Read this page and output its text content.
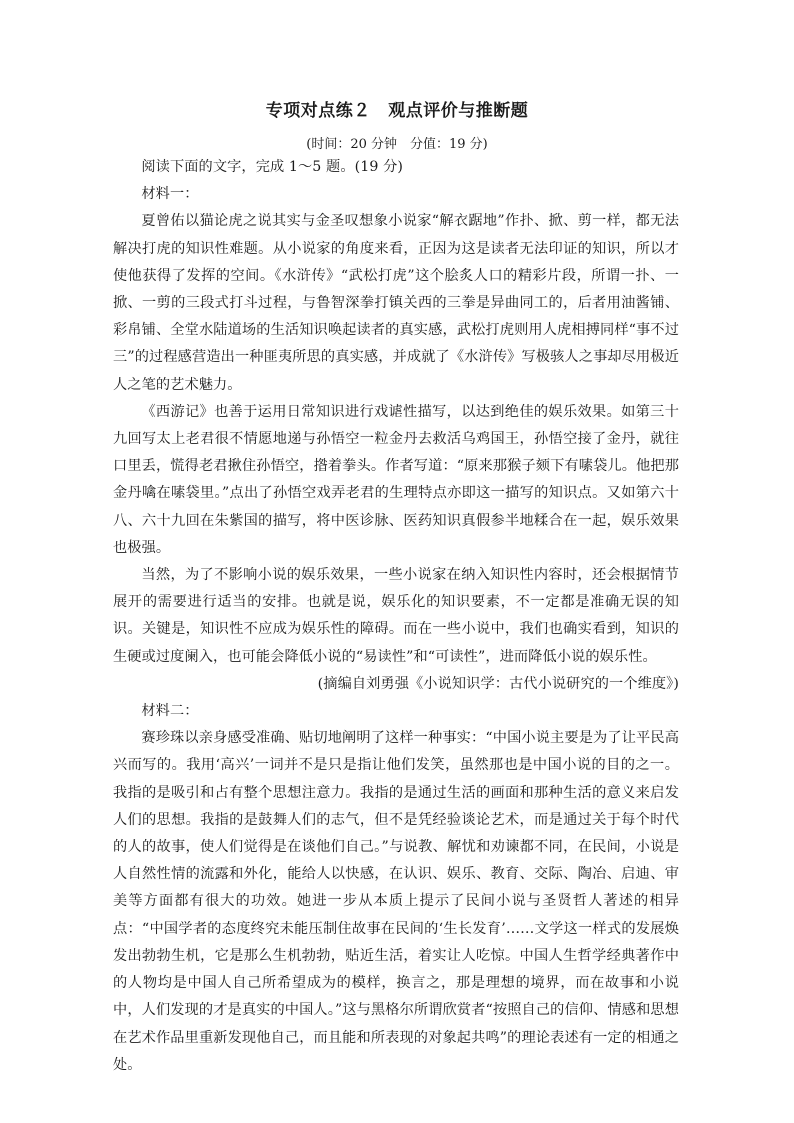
专项对点练２　观点评价与推断题
(时间：20 分钟　分值：19 分)

阅读下面的文字，完成 1～5 题。(19 分)

材料一：

夏曾佑以猫论虎之说其实与金圣叹想象小说家“解衣踞地”作扑、掀、剪一样，都无法解决打虎的知识性难题。从小说家的角度来看，正因为这是读者无法印证的知识，所以才使他获得了发挥的空间。《水浒传》“武松打虎”这个脍炙人口的精彩片段，所谓一扑、一掀、一剪的三段式打斗过程，与鲁智深拳打镇关西的三拳是异曲同工的，后者用油酱铺、彩帛铺、全堂水陆道场的生活知识唤起读者的真实感，武松打虎则用人虎相搏同样“事不过三”的过程感营造出一种匪夷所思的真实感，并成就了《水浒传》写极骇人之事却尽用极近人之笔的艺术魅力。

《西游记》也善于运用日常知识进行戏谑性描写，以达到绝佳的娱乐效果。如第三十九回写太上老君很不情愿地递与孙悟空一粒金丹去救活乌鸡国王，孙悟空接了金丹，就往口里丢，慌得老君揪住孙悟空，揝着拳头。作者写道：“原来那猴子颏下有嗉袋儿。他把那金丹噙在嗉袋里。”点出了孙悟空戏弄老君的生理特点亦即这一描写的知识点。又如第六十八、六十九回在朱紫国的描写，将中医诊脉、医药知识真假参半地糅合在一起，娱乐效果也极强。

当然，为了不影响小说的娱乐效果，一些小说家在纳入知识性内容时，还会根据情节展开的需要进行适当的安排。也就是说，娱乐化的知识要素，不一定都是准确无误的知识。关键是，知识性不应成为娱乐性的障碍。而在一些小说中，我们也确实看到，知识的生硬或过度阑入，也可能会降低小说的“易读性”和“可读性”，进而降低小说的娱乐性。

(摘编自刘勇强《小说知识学：古代小说研究的一个维度》)

材料二：

赛珍珠以亲身感受准确、贴切地阐明了这样一种事实：“中国小说主要是为了让平民高兴而写的。我用‘高兴’一词并不是只是指让他们发笑，虽然那也是中国小说的目的之一。我指的是吸引和占有整个思想注意力。我指的是通过生活的画面和那种生活的意义来启发人们的思想。我指的是鼓舞人们的志气，但不是凭经验谈论艺术，而是通过关于每个时代的人的故事，使人们觉得是在谈他们自己。”与说教、解忧和劝谏都不同，在民间，小说是人自然性情的流露和外化，能给人以快感，在认识、娱乐、教育、交际、陶冶、启迪、审美等方面都有很大的功效。她进一步从本质上提示了民间小说与圣贤哲人著述的相异点：“中国学者的态度终究未能压制住故事在民间的‘生长发育’……文学这一样式的发展焕发出勃勃生机，它是那么生机勃勃，贴近生活，着实让人吃惊。中国人生哲学经典著作中的人物均是中国人自己所希望成为的模样，换言之，那是理想的境界，而在故事和小说中，人们发现的才是真实的中国人。”这与黑格尔所谓欣赏者“按照自己的信仰、情感和思想在艺术作品里重新发现他自己，而且能和所表现的对象起共鸣”的理论表述有一定的相通之处。
